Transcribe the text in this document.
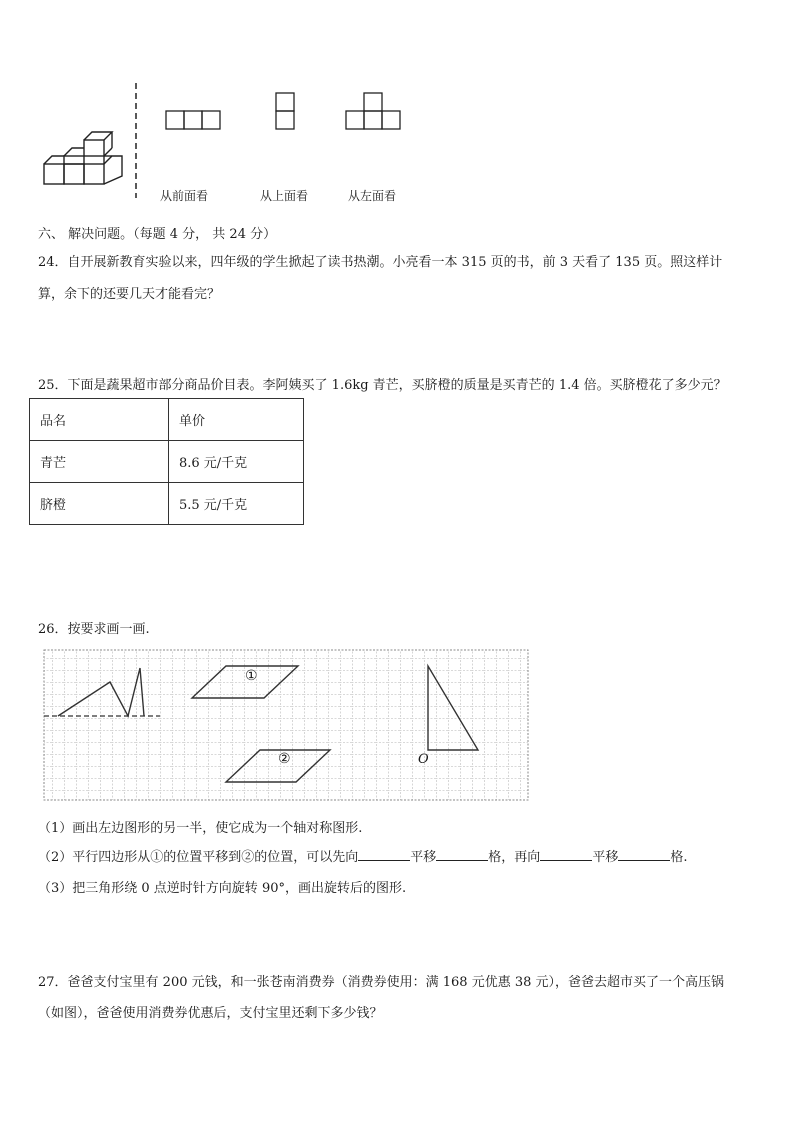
从前面看	从上面看	从左面看
六、 解决问题。（每题 4 分， 共 24 分）
24．自开展新教育实验以来，四年级的学生掀起了读书热潮。小亮看一本 315 页的书，前 3 天看了 135 页。照这样计
算，余下的还要几天才能看完？
25．下面是蔬果超市部分商品价目表。李阿姨买了 1.6kg 青芒，买脐橙的质量是买青芒的 1.4 倍。买脐橙花了多少元？
品名	单价
青芒	8.6 元/千克
脐橙	5.5 元/千克
26．按要求画一画.
①
②	O
（1）画出左边图形的另一半，使它成为一个轴对称图形.
（2）平行四边形从①的位置平移到②的位置，可以先向	平移	格，再向	平移	格.
（3）把三角形绕 0 点逆时针方向旋转 90°，画出旋转后的图形.
27．爸爸支付宝里有 200 元钱，和一张苍南消费券（消费券使用：满 168 元优惠 38 元），爸爸去超市买了一个高压锅
（如图），爸爸使用消费券优惠后，支付宝里还剩下多少钱？
